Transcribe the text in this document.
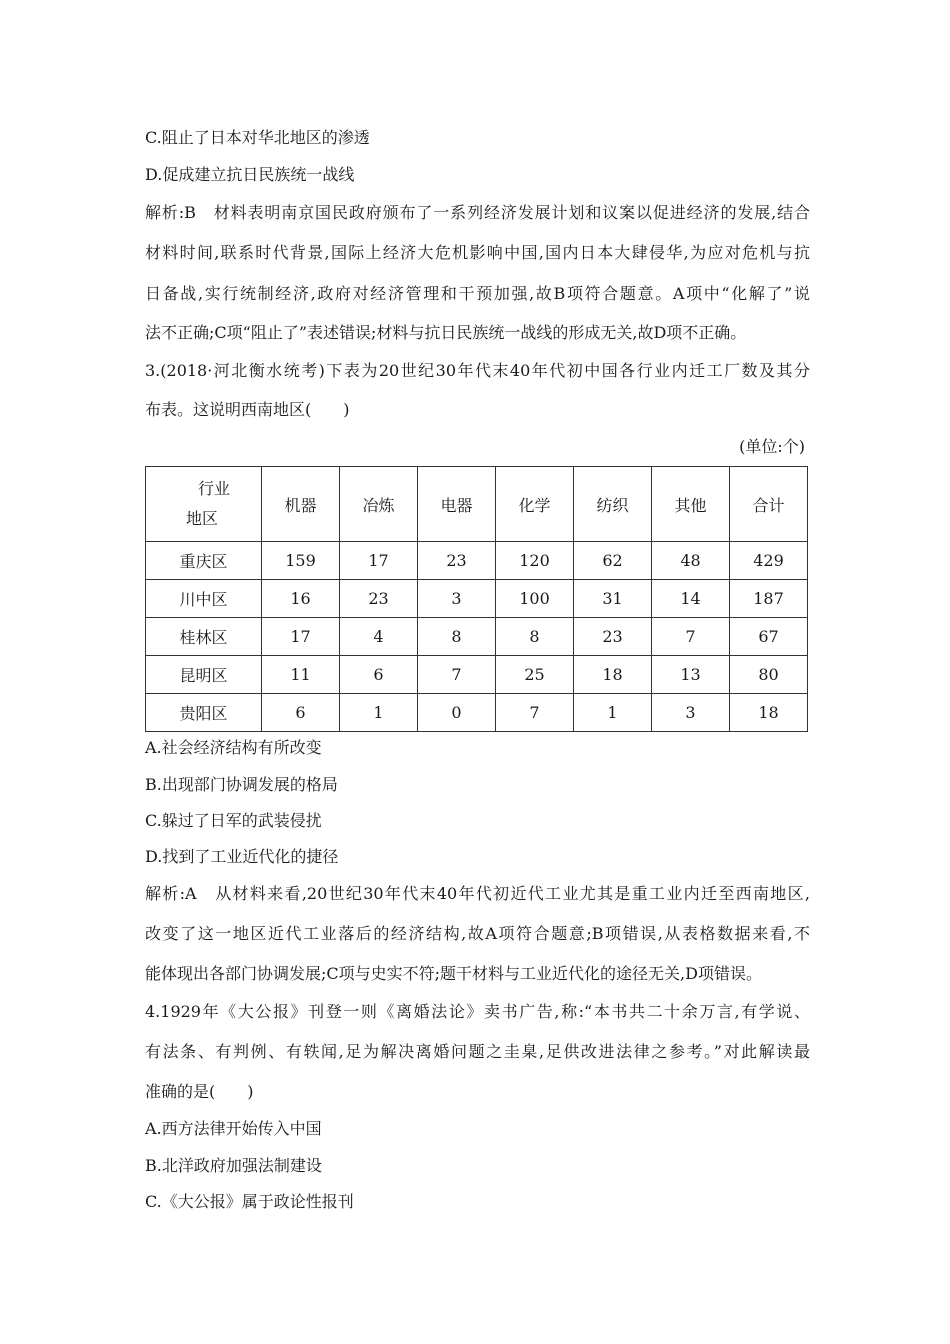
C.阻止了日本对华北地区的渗透
D.促成建立抗日民族统一战线
解析:B　材料表明南京国民政府颁布了一系列经济发展计划和议案以促进经济的发展,结合
材料时间,联系时代背景,国际上经济大危机影响中国,国内日本大肆侵华,为应对危机与抗
日备战,实行统制经济,政府对经济管理和干预加强,故B项符合题意。A项中“化解了”说
法不正确;C项“阻止了”表述错误;材料与抗日民族统一战线的形成无关,故D项不正确。
3.(2018·河北衡水统考)下表为20世纪30年代末40年代初中国各行业内迁工厂数及其分
布表。这说明西南地区(　　)
(单位:个)
行业
地区	机器	冶炼	电器	化学	纺织	其他	合计
重庆区	159	17	23	120	62	48	429
川中区	16	23	3	100	31	14	187
桂林区	17	4	8	8	23	7	67
昆明区	11	6	7	25	18	13	80
贵阳区	6	1	0	7	1	3	18
A.社会经济结构有所改变
B.出现部门协调发展的格局
C.躲过了日军的武装侵扰
D.找到了工业近代化的捷径
解析:A　从材料来看,20世纪30年代末40年代初近代工业尤其是重工业内迁至西南地区,
改变了这一地区近代工业落后的经济结构,故A项符合题意;B项错误,从表格数据来看,不
能体现出各部门协调发展;C项与史实不符;题干材料与工业近代化的途径无关,D项错误。
4.1929年《大公报》刊登一则《离婚法论》卖书广告,称:“本书共二十余万言,有学说、
有法条、有判例、有轶闻,足为解决离婚问题之圭臬,足供改进法律之参考。”对此解读最
准确的是(　　)
A.西方法律开始传入中国
B.北洋政府加强法制建设
C.《大公报》属于政论性报刊
